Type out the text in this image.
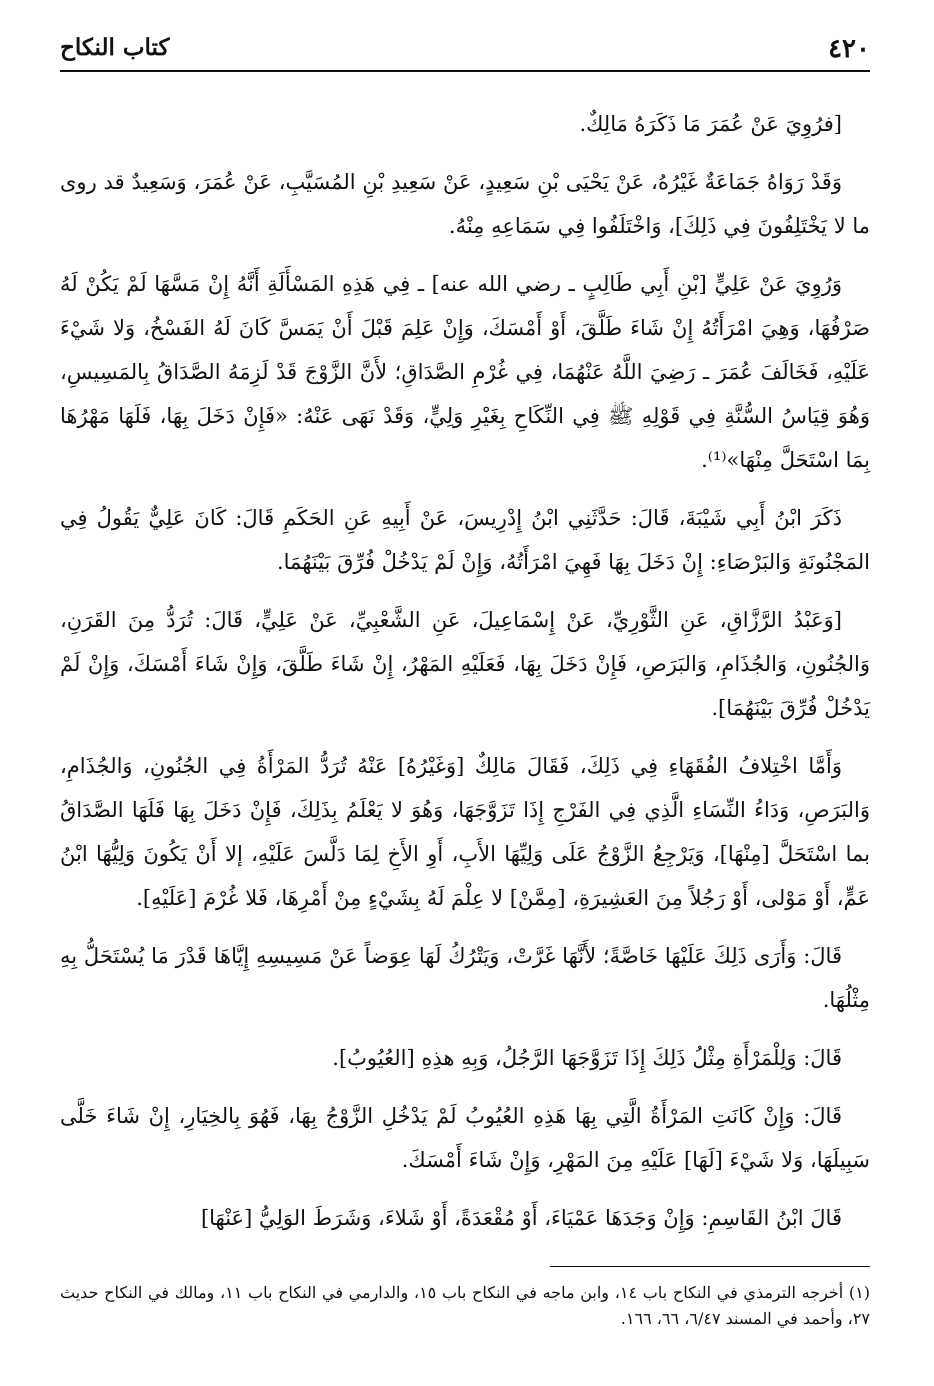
٤٢٠
كتاب النكاح

[فرُوِيَ عَنْ عُمَرَ مَا ذَكَرَهُ مَالِكٌ.

وَقَدْ رَوَاهُ جَمَاعَةٌ غَيْرُهُ، عَنْ يَحْيَى بْنِ سَعِيدٍ، عَنْ سَعِيدِ بْنِ المُسَيَّبِ، عَنْ عُمَرَ، وَسَعِيدٌ قد روى ما لا يَخْتَلِفُونَ فِي ذَلِكَ]، وَاخْتَلَفُوا فِي سَمَاعِهِ مِنْهُ.

وَرُوِيَ عَنْ عَلِيٍّ [بْنِ أَبِي طَالِبٍ ـ رضي الله عنه] ـ فِي هَذِهِ المَسْأَلَةِ أَنَّهُ إِنْ مَسَّهَا لَمْ يَكُنْ لَهُ صَرْفُهَا، وَهِيَ امْرَأَتُهُ إِنْ شَاءَ طَلَّقَ، أَوْ أَمْسَكَ، وَإِنْ عَلِمَ قَبْلَ أَنْ يَمَسَّ كَانَ لَهُ الفَسْخُ، وَلا شَيْءَ عَلَيْهِ، فَخَالَفَ عُمَرَ ـ رَضِيَ اللَّهُ عَنْهُمَا، فِي غُرْمِ الصَّدَاقِ؛ لأَنَّ الزَّوْجَ قَدْ لَزِمَهُ الصَّدَاقُ بِالمَسِيسِ، وَهُوَ قِيَاسُ السُّنَّةِ فِي قَوْلِهِ ﷺ فِي النِّكَاحِ بِغَيْرِ وَلِيٍّ، وَقَدْ نَهَى عَنْهُ: «فَإِنْ دَخَلَ بِهَا، فَلَهَا مَهْرُهَا بِمَا اسْتَحَلَّ مِنْهَا»⁽¹⁾.

ذَكَرَ ابْنُ أَبِي شَيْبَةَ، قَالَ: حَدَّثَنِي ابْنُ إِدْرِيسَ، عَنْ أَبِيهِ عَنِ الحَكَمِ قَالَ: كَانَ عَلِيٌّ يَقُولُ فِي المَجْنُونَةِ وَالبَرْصَاءِ: إِنْ دَخَلَ بِهَا فَهِيَ امْرَأَتُهُ، وَإِنْ لَمْ يَدْخُلْ فُرِّقَ بَيْنَهُمَا.

[وَعَبْدُ الرَّزَّاقِ، عَنِ الثَّوْرِيِّ، عَنْ إِسْمَاعِيلَ، عَنِ الشَّعْبِيِّ، عَنْ عَلِيٍّ، قَالَ: تُرَدُّ مِنَ القَرَنِ، وَالجُنُونِ، وَالجُذَامِ، وَالبَرَصِ، فَإِنْ دَخَلَ بِهَا، فَعَلَيْهِ المَهْرُ، إِنْ شَاءَ طَلَّقَ، وَإِنْ شَاءَ أَمْسَكَ، وَإِنْ لَمْ يَدْخُلْ فُرِّقَ بَيْنَهُمَا].

وَأَمَّا اخْتِلافُ الفُقَهَاءِ فِي ذَلِكَ، فَقَالَ مَالِكٌ [وَغَيْرُهُ] عَنْهُ تُرَدُّ المَرْأَةُ فِي الجُنُونِ، وَالجُذَامِ، وَالبَرَصِ، وَدَاءُ النِّسَاءِ الَّذِي فِي الفَرْجِ إِذَا تَزَوَّجَهَا، وَهُوَ لا يَعْلَمُ بِذَلِكَ، فَإِنْ دَخَلَ بِهَا فَلَهَا الصَّدَاقُ بما اسْتَحَلَّ [مِنْهَا]، وَيَرْجِعُ الزَّوْجُ عَلَى وَلِيِّهَا الأَبِ، أَوِ الأَخِ لِمَا دَلَّسَ عَلَيْهِ، إلا أَنْ يَكُونَ وَلِيُّهَا ابْنُ عَمٍّ، أَوْ مَوْلى، أَوْ رَجُلاً مِنَ العَشِيرَةِ، [مِمَّنْ] لا عِلْمَ لَهُ بِشَيْءٍ مِنْ أَمْرِهَا، فَلا غُرْمَ [عَلَيْهِ].

قَالَ: وَأَرَى ذَلِكَ عَلَيْهَا خَاصَّةً؛ لأَنَّهَا غَرَّتْ، وَيَتْرُكُ لَهَا عِوَضاً عَنْ مَسِيسِهِ إِيَّاهَا قَدْرَ مَا يُسْتَحَلُّ بِهِ مِثْلُهَا.

قَالَ: وَلِلْمَرْأَةِ مِثْلُ ذَلِكَ إِذَا تَزَوَّجَهَا الرَّجُلُ، وَبِهِ هذِهِ [العُيُوبُ].

قَالَ: وَإِنْ كَانَتِ المَرْأَةُ الَّتِي بِهَا هَذِهِ العُيُوبُ لَمْ يَدْخُلِ الزَّوْجُ بِهَا، فَهُوَ بِالخِيَارِ، إِنْ شَاءَ خَلَّى سَبِيلَهَا، وَلا شَيْءَ [لَهَا] عَلَيْهِ مِنَ المَهْرِ، وَإِنْ شَاءَ أَمْسَكَ.

قَالَ ابْنُ القَاسِمِ: وَإِنْ وَجَدَهَا عَمْيَاءَ، أَوْ مُقْعَدَةً، أَوْ شَلاءَ، وَشَرَطَ الوَلِيُّ [عَنْهَا]

(١) أخرجه الترمذي في النكاح باب ١٤، وابن ماجه في النكاح باب ١٥، والدارمي في النكاح باب ١١، ومالك في النكاح حديث ٢٧، وأحمد في المسند ٦/٤٧، ٦٦، ١٦٦.
